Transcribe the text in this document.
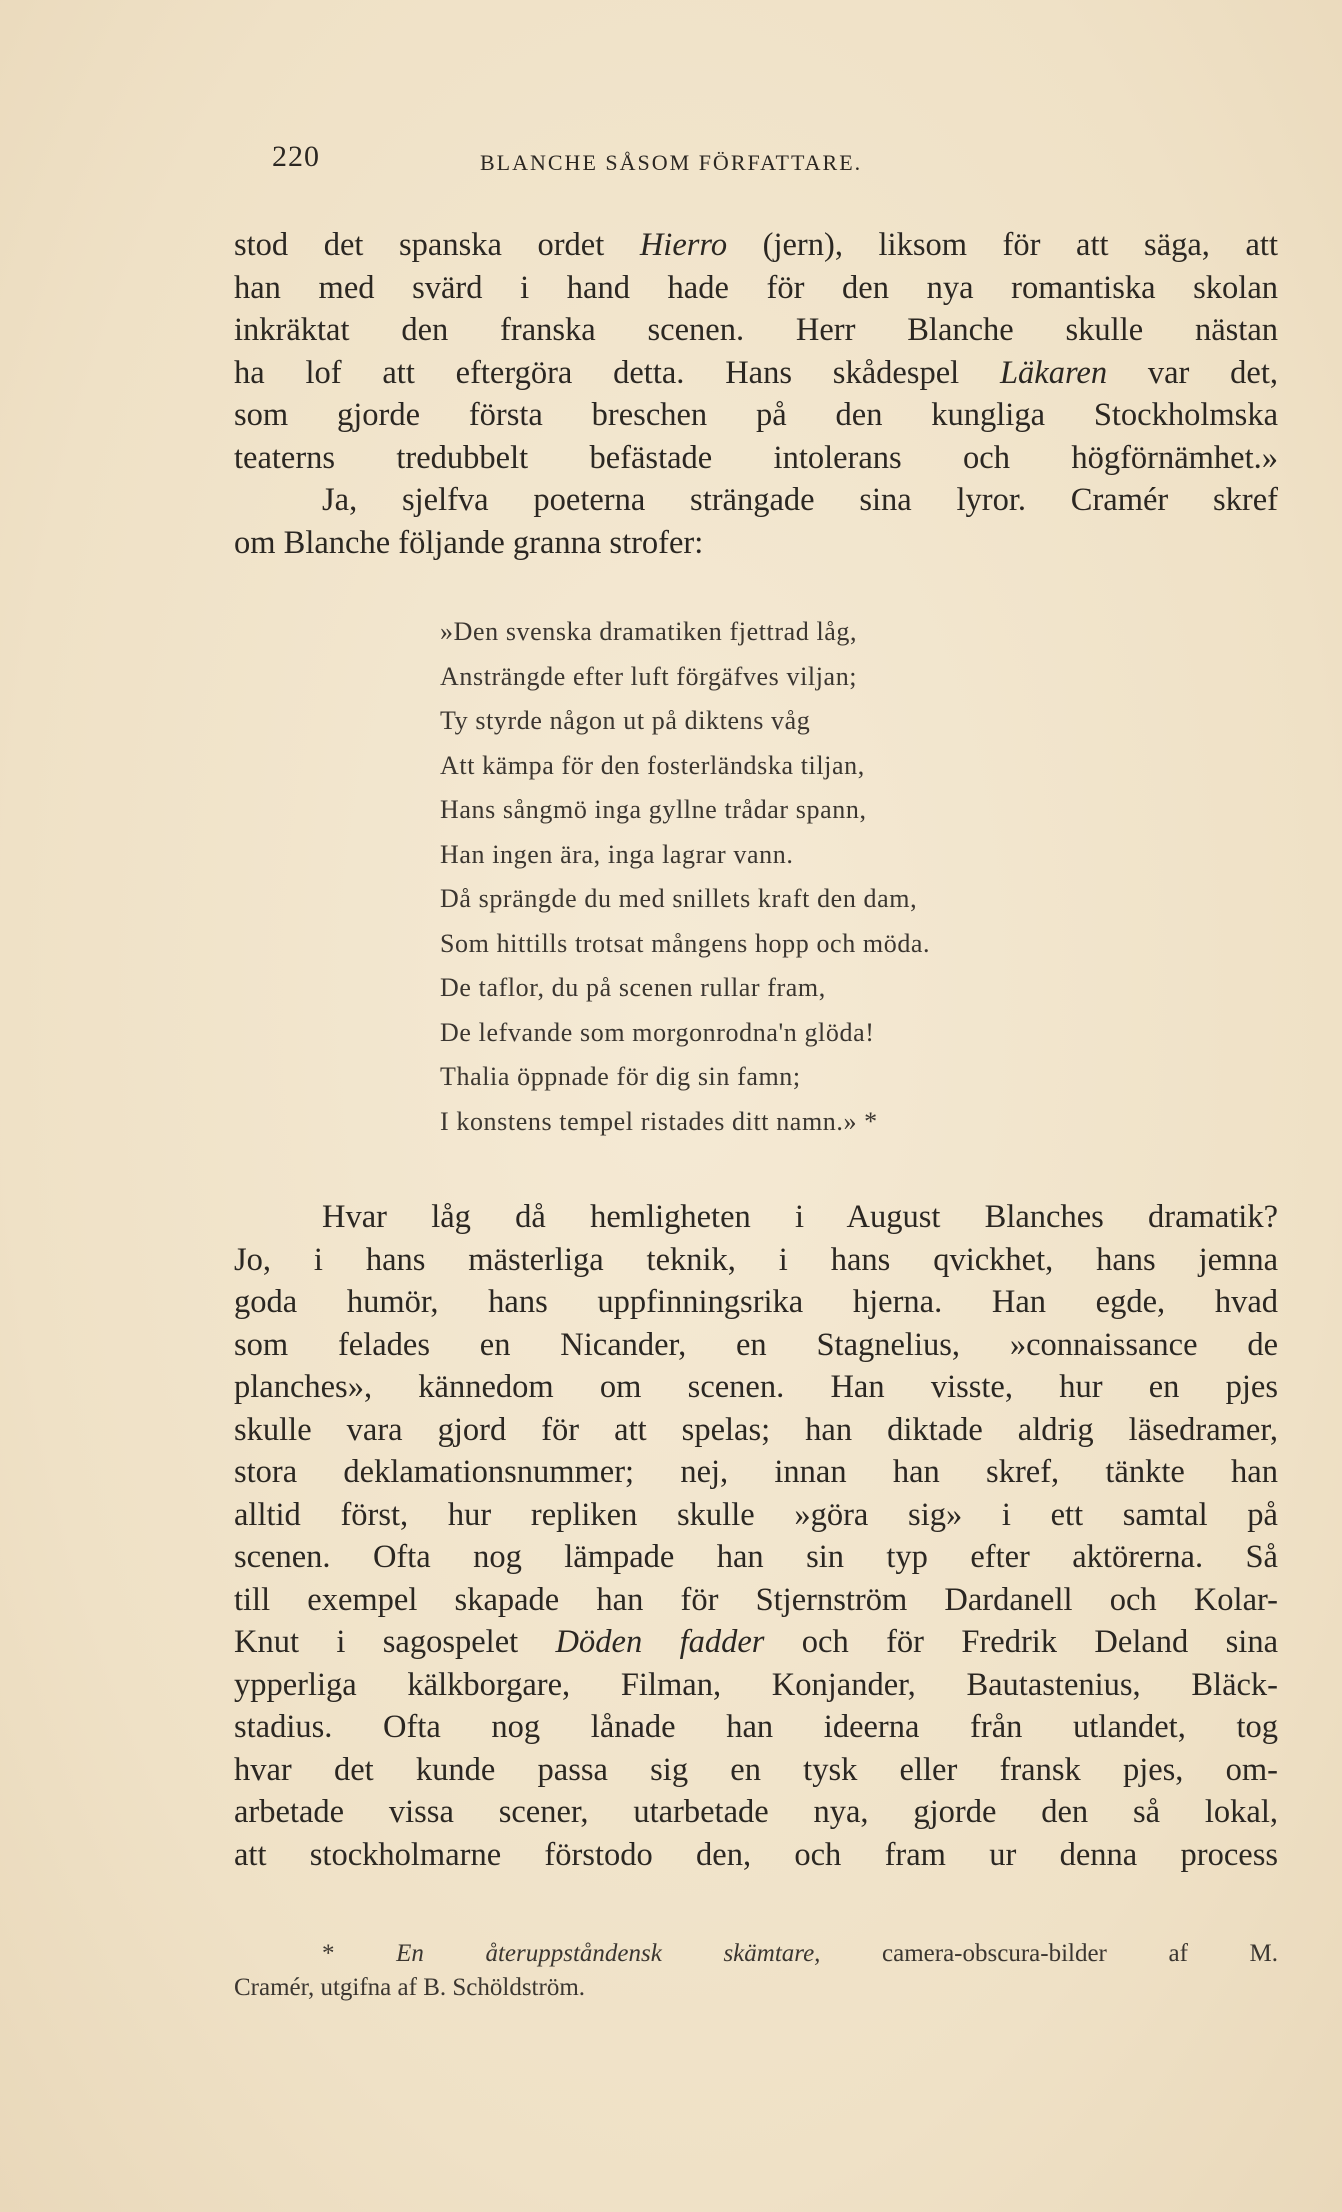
220	BLANCHE SÅSOM FÖRFATTARE.
stod det spanska ordet Hierro (jern), liksom för att säga, att
han med svärd i hand hade för den nya romantiska skolan
inkräktat den franska scenen. Herr Blanche skulle nästan
ha lof att eftergöra detta. Hans skådespel Läkaren var det,
som gjorde första breschen på den kungliga Stockholmska
teaterns tredubbelt befästade intolerans och högförnämhet.»
Ja, sjelfva poeterna strängade sina lyror. Cramér skref
om Blanche följande granna strofer:
»Den svenska dramatiken fjettrad låg,
Ansträngde efter luft förgäfves viljan;
Ty styrde någon ut på diktens våg
Att kämpa för den fosterländska tiljan,
Hans sångmö inga gyllne trådar spann,
Han ingen ära, inga lagrar vann.
Då sprängde du med snillets kraft den dam,
Som hittills trotsat mångens hopp och möda.
De taflor, du på scenen rullar fram,
De lefvande som morgonrodna'n glöda!
Thalia öppnade för dig sin famn;
I konstens tempel ristades ditt namn.» *
Hvar låg då hemligheten i August Blanches dramatik?
Jo, i hans mästerliga teknik, i hans qvickhet, hans jemna
goda humör, hans uppfinningsrika hjerna. Han egde, hvad
som felades en Nicander, en Stagnelius, »connaissance de
planches», kännedom om scenen. Han visste, hur en pjes
skulle vara gjord för att spelas; han diktade aldrig läsedramer,
stora deklamationsnummer; nej, innan han skref, tänkte han
alltid först, hur repliken skulle »göra sig» i ett samtal på
scenen. Ofta nog lämpade han sin typ efter aktörerna. Så
till exempel skapade han för Stjernström Dardanell och Kolar-
Knut i sagospelet Döden fadder och för Fredrik Deland sina
ypperliga kälkborgare, Filman, Konjander, Bautastenius, Bläck-
stadius. Ofta nog lånade han ideerna från utlandet, tog
hvar det kunde passa sig en tysk eller fransk pjes, om-
arbetade vissa scener, utarbetade nya, gjorde den så lokal,
att stockholmarne förstodo den, och fram ur denna process
* En återuppståndensk skämtare, camera-obscura-bilder af M.
Cramér, utgifna af B. Schöldström.
